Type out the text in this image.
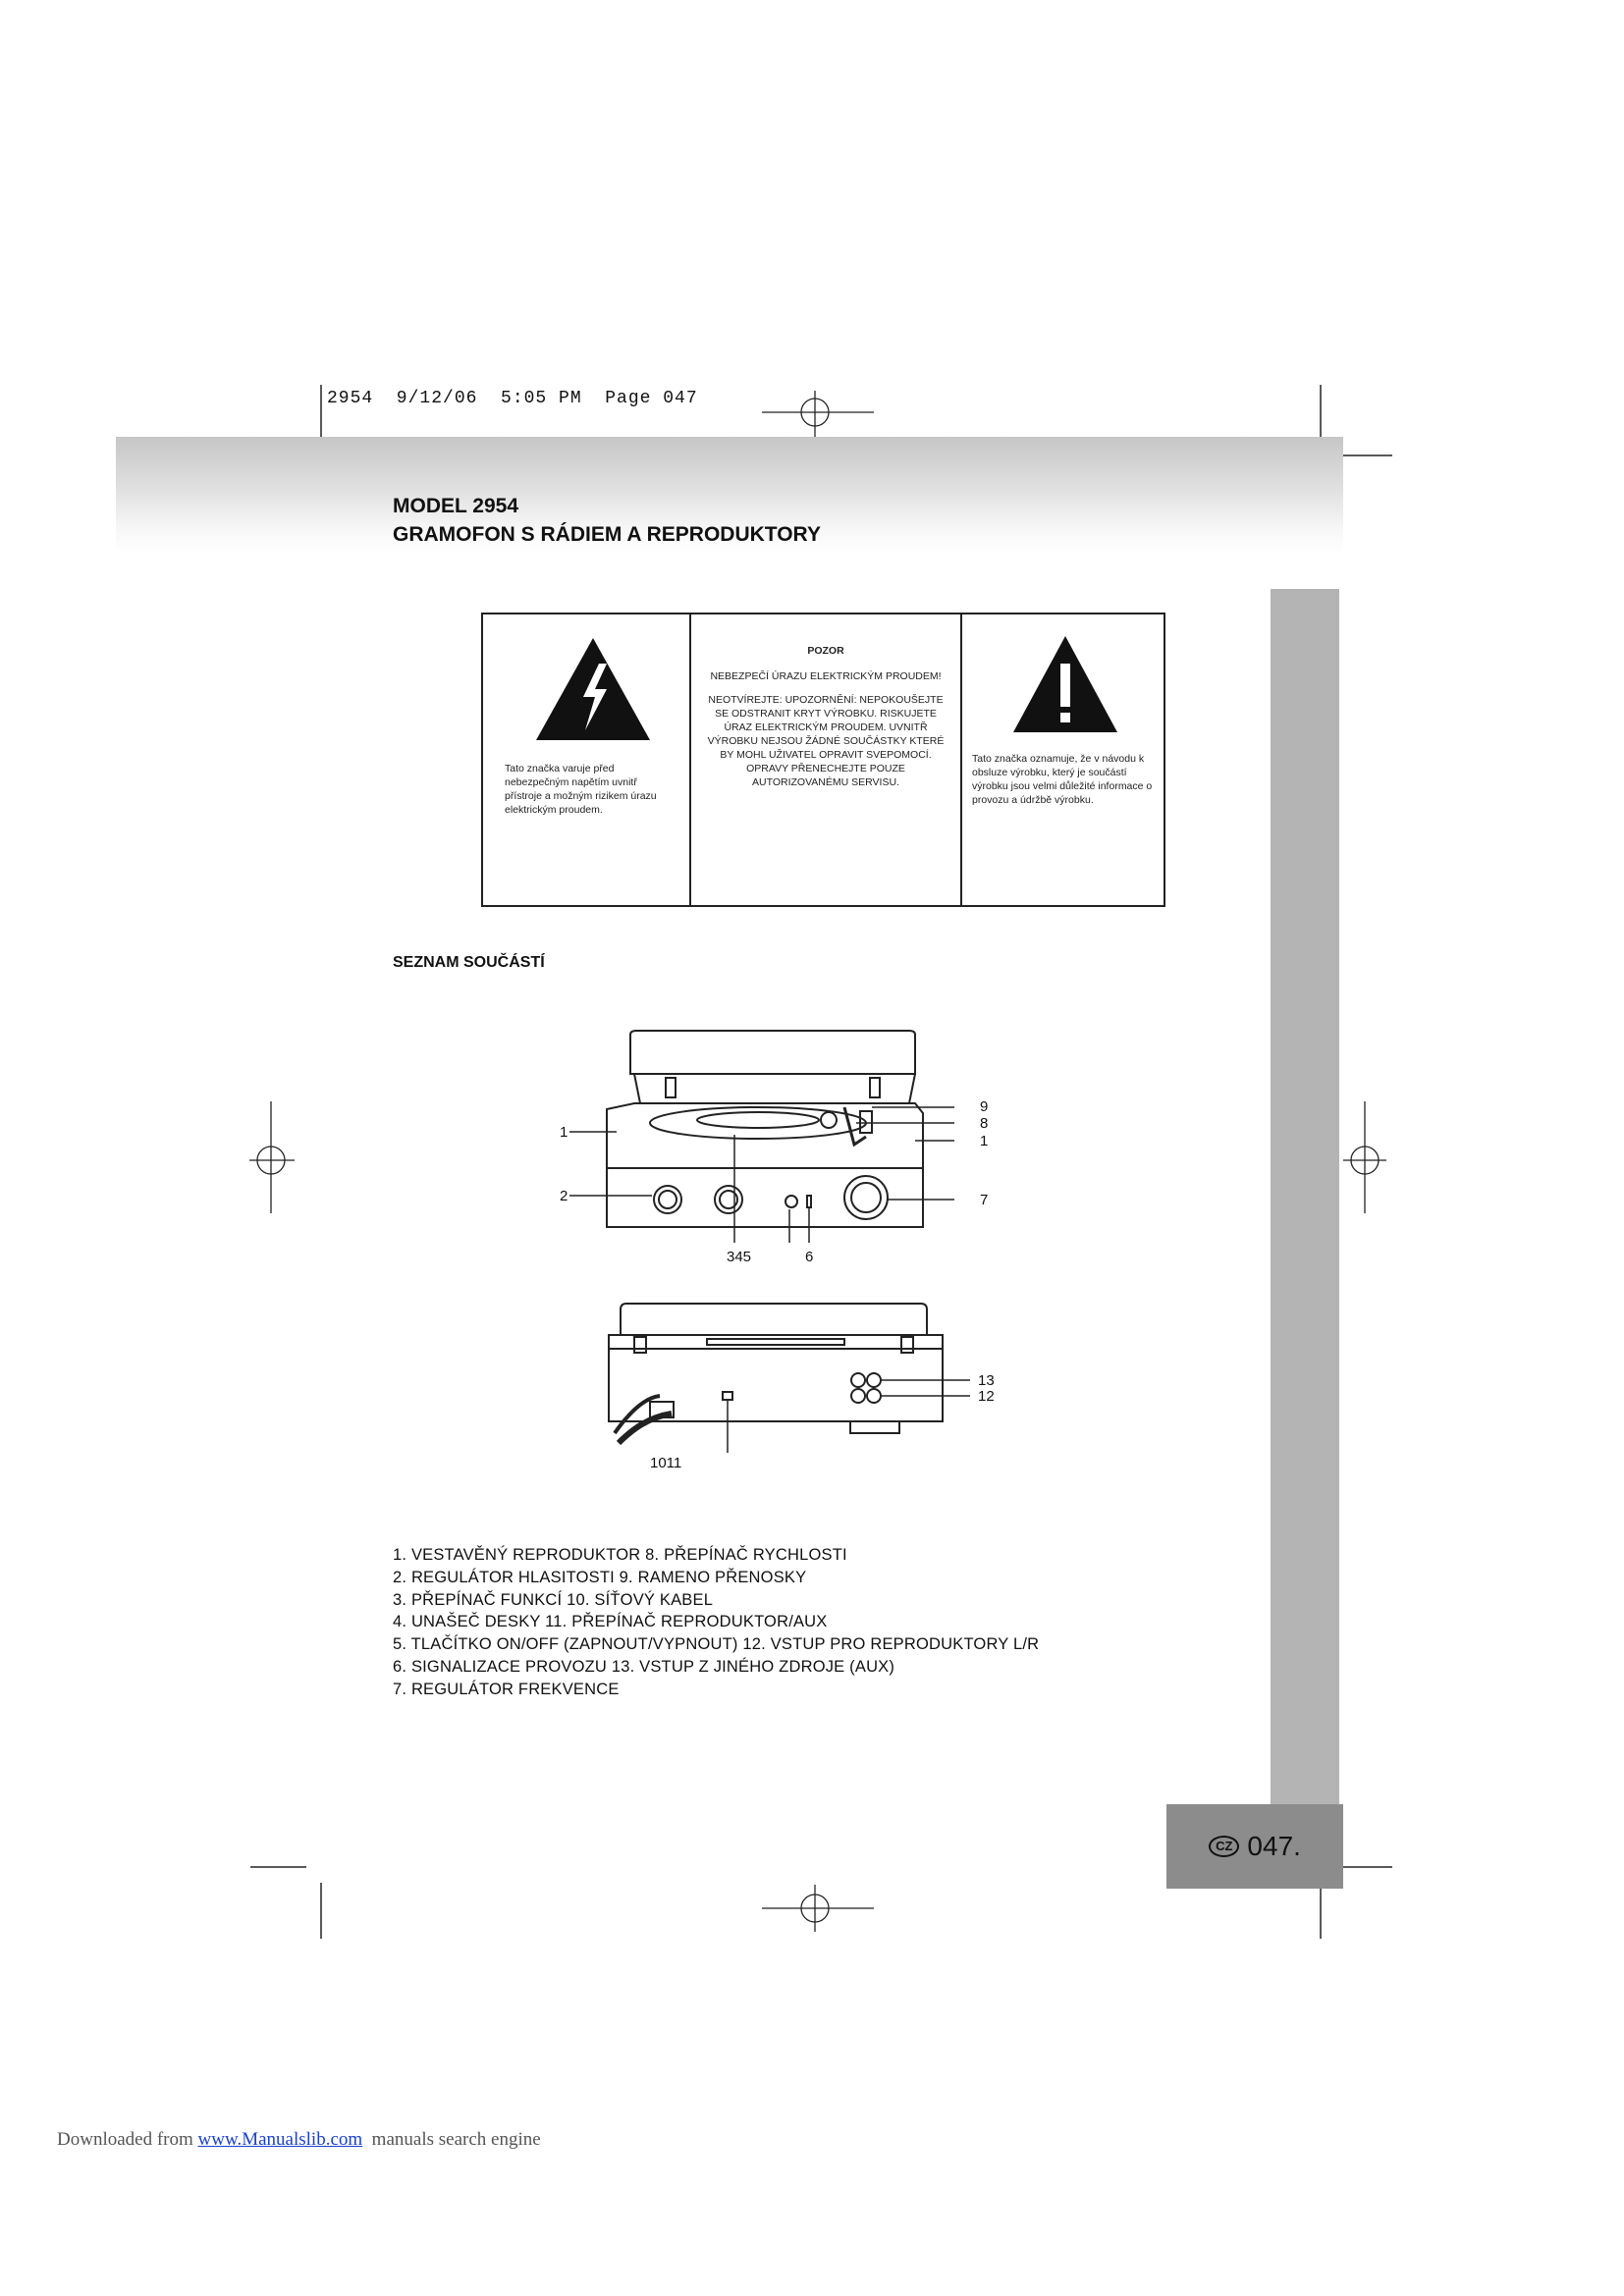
2954  9/12/06  5:05 PM  Page 047
MODEL 2954
GRAMOFON S RÁDIEM A REPRODUKTORY
Tato značka varuje před nebezpečným napětím uvnitř přístroje a možným rizikem úrazu elektrickým proudem.
POZOR
NEBEZPEČÍ ÚRAZU ELEKTRICKÝM PROUDEM!
NEOTVÍREJTE: UPOZORNĚNÍ: NEPOKOUŠEJTE SE ODSTRANIT KRYT VÝROBKU. RISKUJETE ÚRAZ ELEKTRICKÝM PROUDEM. UVNITŘ VÝROBKU NEJSOU ŽÁDNÉ SOUČÁSTKY KTERÉ BY MOHL UŽIVATEL OPRAVIT SVEPOMOCÍ. OPRAVY PŘENECHEJTE POUZE AUTORIZOVANÉMU SERVISU.
Tato značka oznamuje, že v návodu k obsluze výrobku, který je součástí výrobku jsou velmi důležité informace o provozu a údržbě výrobku.
SEZNAM SOUČÁSTÍ
1
2
9
8
1
7
345	6
13
12
1011
1. VESTAVĚNÝ REPRODUKTOR 8. PŘEPÍNAČ RYCHLOSTI
2. REGULÁTOR HLASITOSTI 9. RAMENO PŘENOSKY
3. PŘEPÍNAČ FUNKCÍ 10. SÍŤOVÝ KABEL
4. UNAŠEČ DESKY 11. PŘEPÍNAČ REPRODUKTOR/AUX
5. TLAČÍTKO ON/OFF (ZAPNOUT/VYPNOUT) 12. VSTUP PRO REPRODUKTORY L/R
6. SIGNALIZACE PROVOZU 13. VSTUP Z JINÉHO ZDROJE (AUX)
7. REGULÁTOR FREKVENCE
CZ 047.
Downloaded from www.Manualslib.com  manuals search engine
